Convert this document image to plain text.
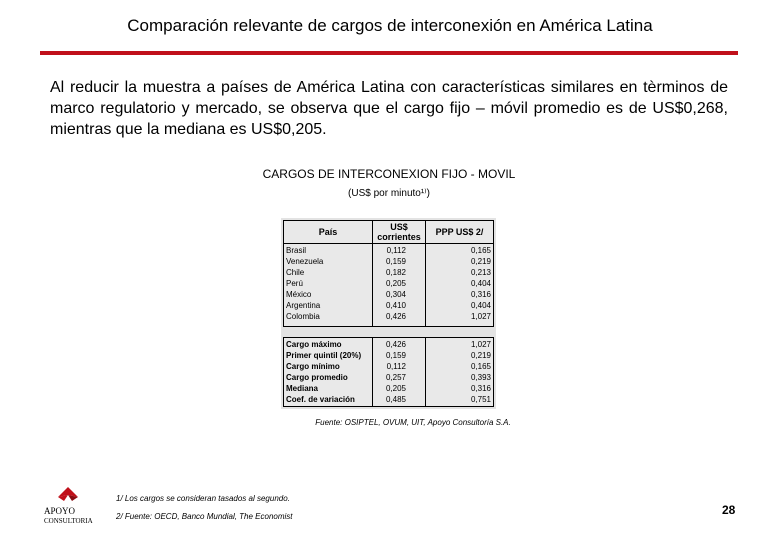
Comparación relevante de cargos de interconexión en América Latina
Al reducir la muestra a países de América Latina con características similares en tèrminos de marco regulatorio y mercado, se observa que el cargo fijo – móvil promedio es de US$0,268, mientras que la mediana es US$0,205.
CARGOS DE INTERCONEXION FIJO - MOVIL
(US$ por minuto¹⁾)
País	US$ corrientes	PPP US$ 2/
Brasil	0,112	0,165
Venezuela	0,159	0,219
Chile	0,182	0,213
Perú	0,205	0,404
México	0,304	0,316
Argentina	0,410	0,404
Colombia	0,426	1,027
Cargo máximo	0,426	1,027
Primer quintil (20%)	0,159	0,219
Cargo mínimo	0,112	0,165
Cargo promedio	0,257	0,393
Mediana	0,205	0,316
Coef. de variación	0,485	0,751
Fuente: OSIPTEL, OVUM, UIT, Apoyo Consultoría S.A.
APOYO
CONSULTORIA
1/ Los cargos se consideran tasados al segundo.
2/ Fuente: OECD, Banco Mundial, The Economist	28
